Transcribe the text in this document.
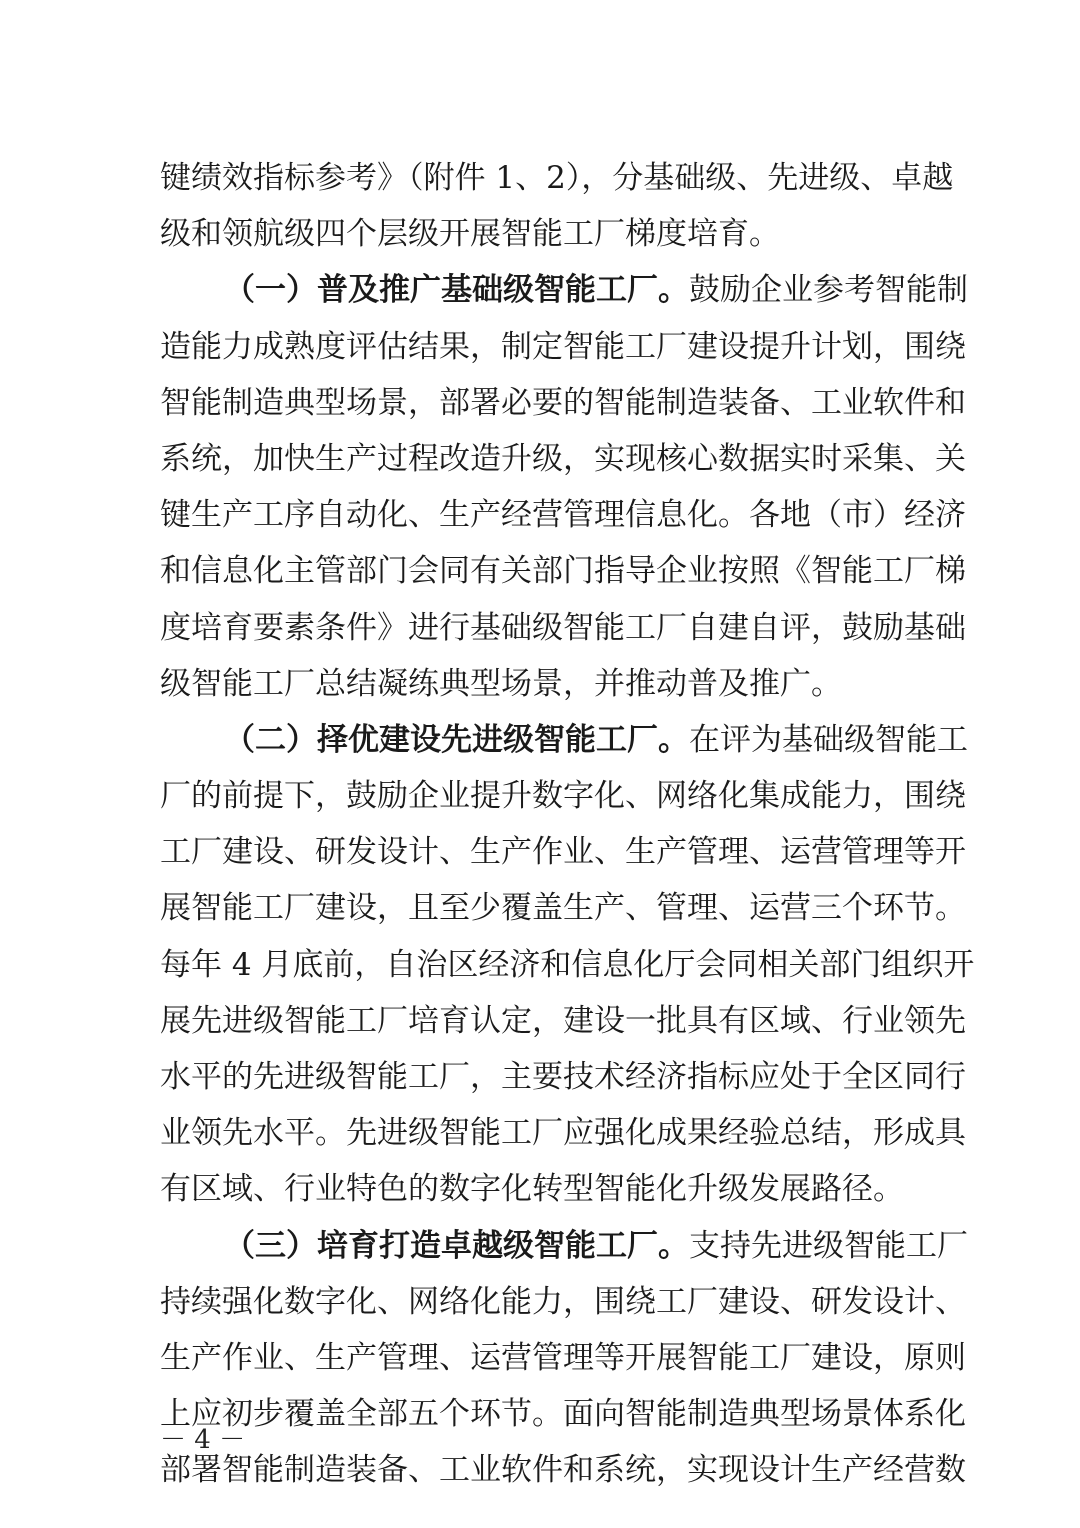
键绩效指标参考》（附件 1、2），分基础级、先进级、卓越
级和领航级四个层级开展智能工厂梯度培育。
（一）普及推广基础级智能工厂。鼓励企业参考智能制
造能力成熟度评估结果，制定智能工厂建设提升计划，围绕
智能制造典型场景，部署必要的智能制造装备、工业软件和
系统，加快生产过程改造升级，实现核心数据实时采集、关
键生产工序自动化、生产经营管理信息化。各地（市）经济
和信息化主管部门会同有关部门指导企业按照《智能工厂梯
度培育要素条件》进行基础级智能工厂自建自评，鼓励基础
级智能工厂总结凝练典型场景，并推动普及推广。
（二）择优建设先进级智能工厂。在评为基础级智能工
厂的前提下，鼓励企业提升数字化、网络化集成能力，围绕
工厂建设、研发设计、生产作业、生产管理、运营管理等开
展智能工厂建设，且至少覆盖生产、管理、运营三个环节。
每年 4 月底前，自治区经济和信息化厅会同相关部门组织开
展先进级智能工厂培育认定，建设一批具有区域、行业领先
水平的先进级智能工厂，主要技术经济指标应处于全区同行
业领先水平。先进级智能工厂应强化成果经验总结，形成具
有区域、行业特色的数字化转型智能化升级发展路径。
（三）培育打造卓越级智能工厂。支持先进级智能工厂
持续强化数字化、网络化能力，围绕工厂建设、研发设计、
生产作业、生产管理、运营管理等开展智能工厂建设，原则
上应初步覆盖全部五个环节。面向智能制造典型场景体系化
部署智能制造装备、工业软件和系统，实现设计生产经营数
－ 4 －
